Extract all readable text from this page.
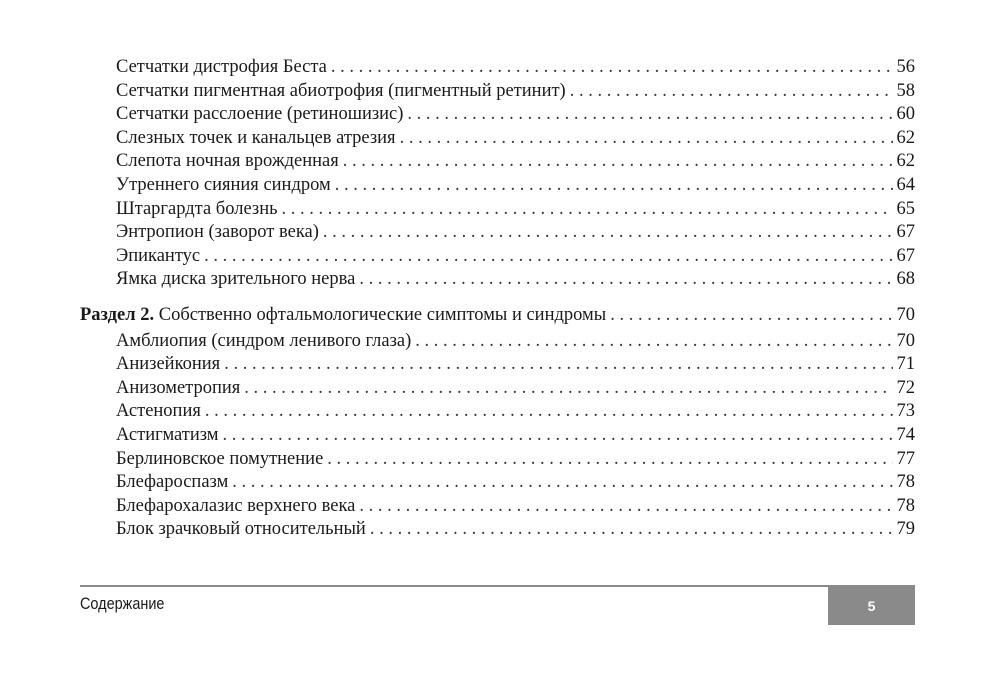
Сетчатки дистрофия Беста . . .	56
Сетчатки пигментная абиотрофия (пигментный ретинит) . . .	58
Сетчатки расслоение (ретиношизис) . . .	60
Слезных точек и канальцев атрезия . . .	62
Слепота ночная врожденная . . .	62
Утреннего сияния синдром . . .	64
Штаргардта болезнь . . .	65
Энтропион (заворот века) . . .	67
Эпикантус . . .	67
Ямка диска зрительного нерва . . .	68
Раздел 2. Собственно офтальмологические симптомы и синдромы . . .	70
Амблиопия (синдром ленивого глаза) . . .	70
Анизейкония . . .	71
Анизометропия . . .	72
Астенопия . . .	73
Астигматизм . . .	74
Берлиновское помутнение . . .	77
Блефароспазм . . .	78
Блефарохалазис верхнего века . . .	78
Блок зрачковый относительный . . .	79
Содержание	5
